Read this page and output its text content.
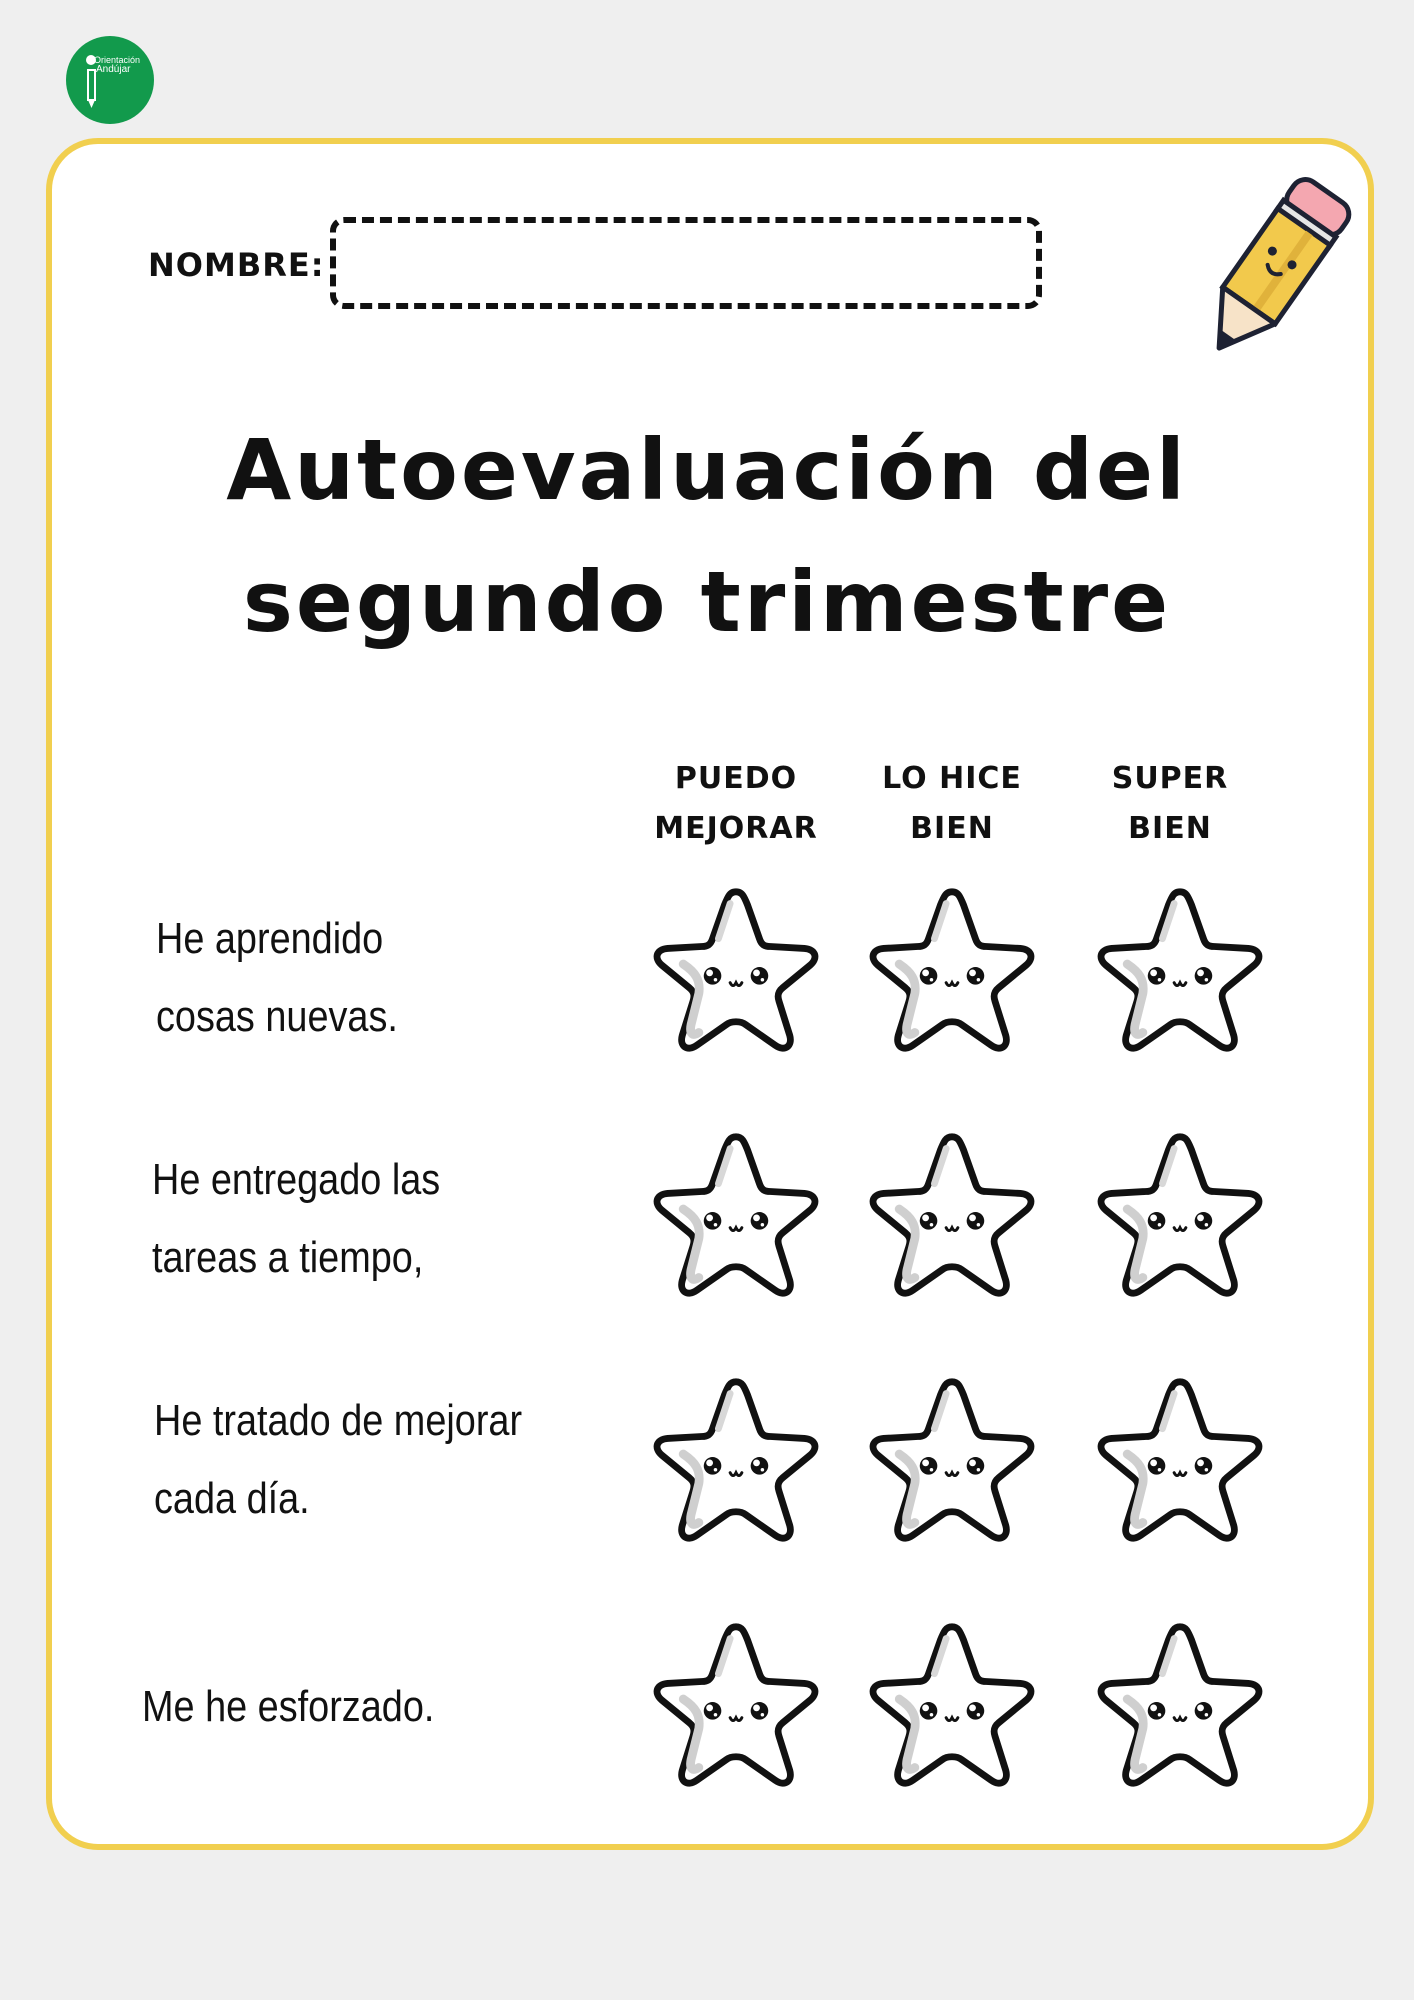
Orientación
Andújar
NOMBRE:
Autoevaluación del
segundo trimestre
PUEDO
MEJORAR
LO HICE
BIEN
SUPER
BIEN
He aprendido
cosas nuevas.
He entregado las
tareas a tiempo,
He tratado de mejorar
cada día.
Me he esforzado.
